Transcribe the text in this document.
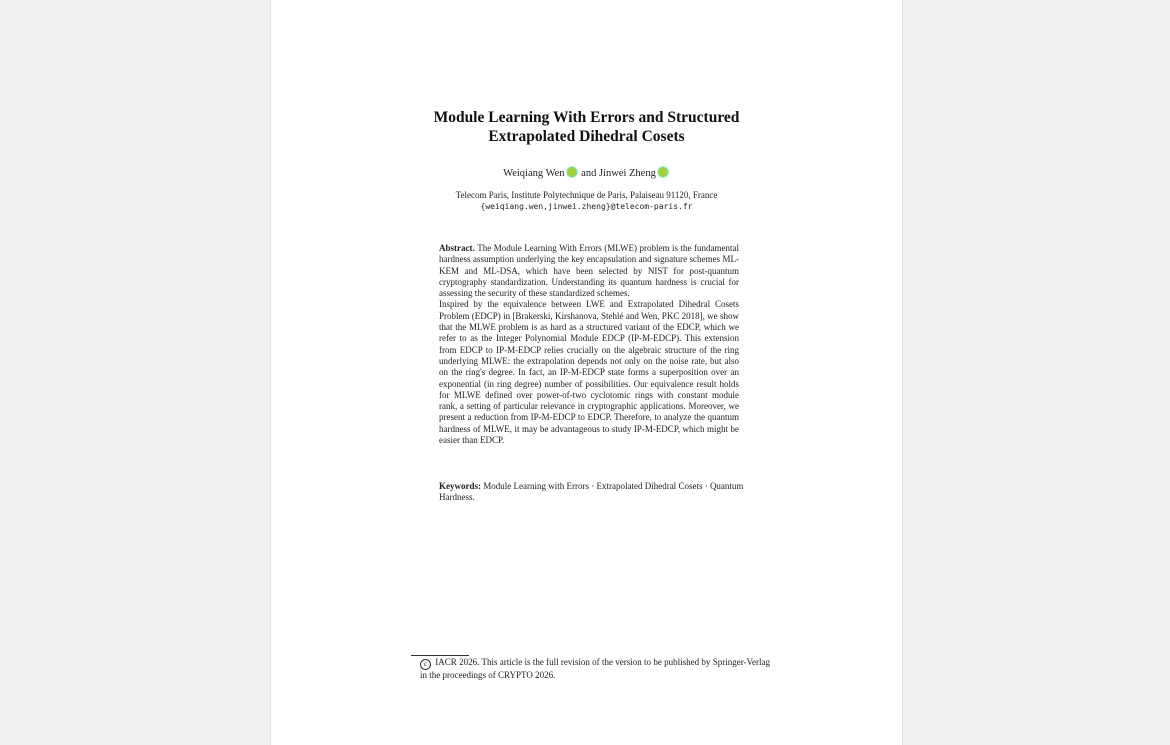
Module Learning With Errors and Structured
Extrapolated Dihedral Cosets
Weiqiang Wen and Jinwei Zheng
Telecom Paris, Institute Polytechnique de Paris, Palaiseau 91120, France
{weiqiang.wen,jinwei.zheng}@telecom-paris.fr

Abstract. The Module Learning With Errors (MLWE) problem is the fundamental hardness assumption underlying the key encapsulation and signature schemes ML-KEM and ML-DSA, which have been selected by NIST for post-quantum cryptography standardization. Understanding its quantum hardness is crucial for assessing the security of these standardized schemes.

Inspired by the equivalence between LWE and Extrapolated Dihedral Cosets Problem (EDCP) in [Brakerski, Kirshanova, Stehlé and Wen, PKC 2018], we show that the MLWE problem is as hard as a structured variant of the EDCP, which we refer to as the Integer Polynomial Module EDCP (IP-M-EDCP). This extension from EDCP to IP-M-EDCP relies crucially on the algebraic structure of the ring underlying MLWE: the extrapolation depends not only on the noise rate, but also on the ring's degree. In fact, an IP-M-EDCP state forms a superposition over an exponential (in ring degree) number of possibilities. Our equivalence result holds for MLWE defined over power-of-two cyclotomic rings with constant module rank, a setting of particular relevance in cryptographic applications. Moreover, we present a reduction from IP-M-EDCP to EDCP. Therefore, to analyze the quantum hardness of MLWE, it may be advantageous to study IP-M-EDCP, which might be easier than EDCP.

Keywords: Module Learning with Errors · Extrapolated Dihedral Cosets · Quantum Hardness.
c IACR 2026. This article is the full revision of the version to be published by Springer-Verlag in the proceedings of CRYPTO 2026.
